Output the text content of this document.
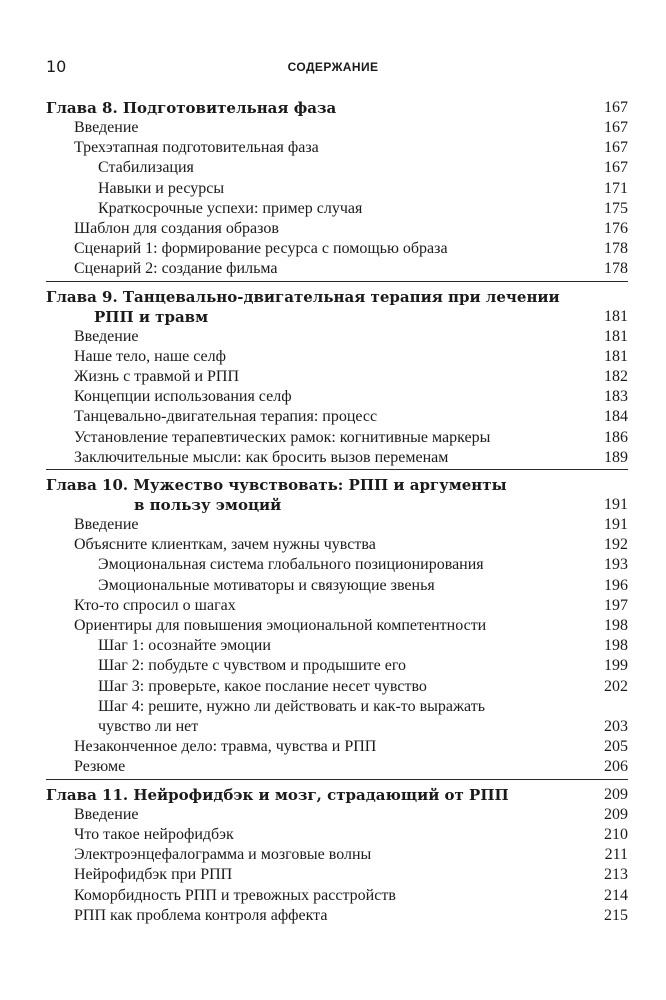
10	СОДЕРЖАНИЕ
Глава 8. Подготовительная фаза	167
Введение	167
Трехэтапная подготовительная фаза	167
Стабилизация	167
Навыки и ресурсы	171
Краткосрочные успехи: пример случая	175
Шаблон для создания образов	176
Сценарий 1: формирование ресурса с помощью образа	178
Сценарий 2: создание фильма	178
Глава 9. Танцевально-двигательная терапия при лечении
РПП и травм	181
Введение	181
Наше тело, наше селф	181
Жизнь с травмой и РПП	182
Концепции использования селф	183
Танцевально-двигательная терапия: процесс	184
Установление терапевтических рамок: когнитивные маркеры	186
Заключительные мысли: как бросить вызов переменам	189
Глава 10. Мужество чувствовать: РПП и аргументы
в пользу эмоций	191
Введение	191
Объясните клиенткам, зачем нужны чувства	192
Эмоциональная система глобального позиционирования	193
Эмоциональные мотиваторы и связующие звенья	196
Кто-то спросил о шагах	197
Ориентиры для повышения эмоциональной компетентности	198
Шаг 1: осознайте эмоции	198
Шаг 2: побудьте с чувством и продышите его	199
Шаг 3: проверьте, какое послание несет чувство	202
Шаг 4: решите, нужно ли действовать и как-то выражать
чувство ли нет	203
Незаконченное дело: травма, чувства и РПП	205
Резюме	206
Глава 11. Нейрофидбэк и мозг, страдающий от РПП	209
Введение	209
Что такое нейрофидбэк	210
Электроэнцефалограмма и мозговые волны	211
Нейрофидбэк при РПП	213
Коморбидность РПП и тревожных расстройств	214
РПП как проблема контроля аффекта	215
